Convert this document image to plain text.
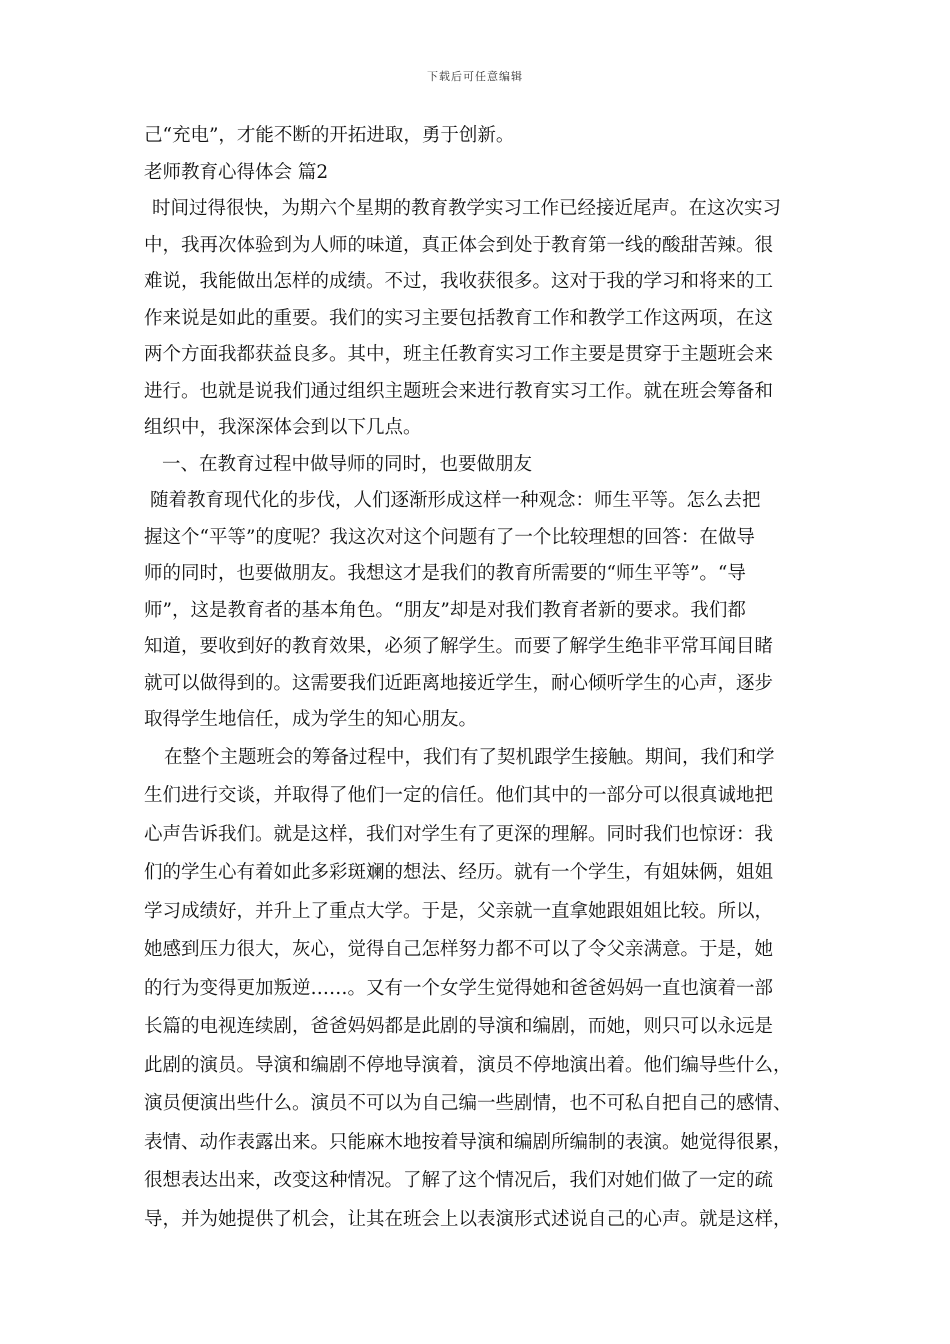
下载后可任意编辑
己“充电”，才能不断的开拓进取，勇于创新。
老师教育心得体会 篇2
时间过得很快，为期六个星期的教育教学实习工作已经接近尾声。在这次实习
中，我再次体验到为人师的味道，真正体会到处于教育第一线的酸甜苦辣。很
难说，我能做出怎样的成绩。不过，我收获很多。这对于我的学习和将来的工
作来说是如此的重要。我们的实习主要包括教育工作和教学工作这两项，在这
两个方面我都获益良多。其中，班主任教育实习工作主要是贯穿于主题班会来
进行。也就是说我们通过组织主题班会来进行教育实习工作。就在班会筹备和
组织中，我深深体会到以下几点。
一、在教育过程中做导师的同时，也要做朋友
随着教育现代化的步伐，人们逐渐形成这样一种观念：师生平等。怎么去把
握这个“平等”的度呢？我这次对这个问题有了一个比较理想的回答：在做导
师的同时，也要做朋友。我想这才是我们的教育所需要的“师生平等”。“导
师”，这是教育者的基本角色。“朋友”却是对我们教育者新的要求。我们都
知道，要收到好的教育效果，必须了解学生。而要了解学生绝非平常耳闻目睹
就可以做得到的。这需要我们近距离地接近学生，耐心倾听学生的心声，逐步
取得学生地信任，成为学生的知心朋友。
在整个主题班会的筹备过程中，我们有了契机跟学生接触。期间，我们和学
生们进行交谈，并取得了他们一定的信任。他们其中的一部分可以很真诚地把
心声告诉我们。就是这样，我们对学生有了更深的理解。同时我们也惊讶：我
们的学生心有着如此多彩斑斓的想法、经历。就有一个学生，有姐妹俩，姐姐
学习成绩好，并升上了重点大学。于是，父亲就一直拿她跟姐姐比较。所以，
她感到压力很大，灰心，觉得自己怎样努力都不可以了令父亲满意。于是，她
的行为变得更加叛逆……。又有一个女学生觉得她和爸爸妈妈一直也演着一部
长篇的电视连续剧，爸爸妈妈都是此剧的导演和编剧，而她，则只可以永远是
此剧的演员。导演和编剧不停地导演着，演员不停地演出着。他们编导些什么，
演员便演出些什么。演员不可以为自己编一些剧情，也不可私自把自己的感情、
表情、动作表露出来。只能麻木地按着导演和编剧所编制的表演。她觉得很累，
很想表达出来，改变这种情况。了解了这个情况后，我们对她们做了一定的疏
导，并为她提供了机会，让其在班会上以表演形式述说自己的心声。就是这样，
